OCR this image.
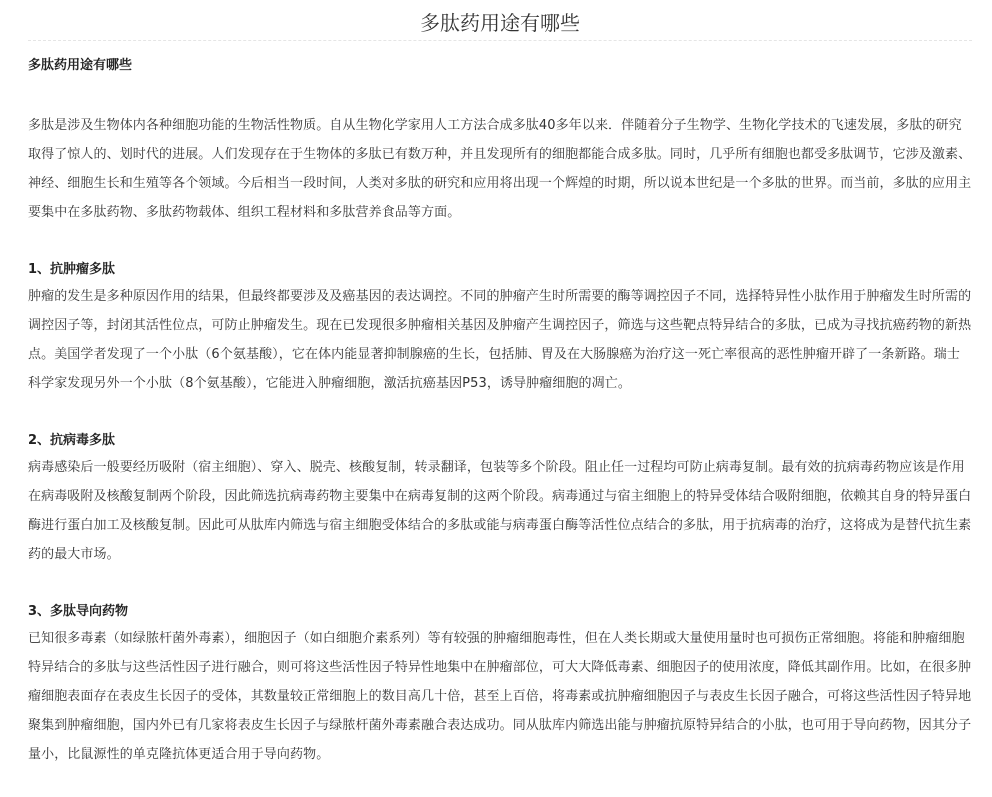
多肽药用途有哪些
多肽药用途有哪些

多肽是涉及生物体内各种细胞功能的生物活性物质。自从生物化学家用人工方法合成多肽40多年以来．伴随着分子生物学、生物化学技术的飞速发展，多肽的研究取得了惊人的、划时代的进展。人们发现存在于生物体的多肽已有数万种，并且发现所有的细胞都能合成多肽。同时，几乎所有细胞也都受多肽调节，它涉及激素、神经、细胞生长和生殖等各个领域。今后相当一段时间，人类对多肽的研究和应用将出现一个辉煌的时期，所以说本世纪是一个多肽的世界。而当前，多肽的应用主要集中在多肽药物、多肽药物载体、组织工程材料和多肽营养食品等方面。

1、抗肿瘤多肽

肿瘤的发生是多种原因作用的结果，但最终都要涉及及癌基因的表达调控。不同的肿瘤产生时所需要的酶等调控因子不同，选择特异性小肽作用于肿瘤发生时所需的调控因子等，封闭其活性位点，可防止肿瘤发生。现在已发现很多肿瘤相关基因及肿瘤产生调控因子，筛选与这些靶点特异结合的多肽，已成为寻找抗癌药物的新热点。美国学者发现了一个小肽（6个氨基酸），它在体内能显著抑制腺癌的生长，包括肺、胃及在大肠腺癌为治疗这一死亡率很高的恶性肿瘤开辟了一条新路。瑞士科学家发现另外一个小肽（8个氨基酸），它能进入肿瘤细胞，激活抗癌基因P53，诱导肿瘤细胞的凋亡。

2、抗病毒多肽

病毒感染后一般要经历吸附（宿主细胞）、穿入、脱壳、核酸复制，转录翻译，包装等多个阶段。阻止任一过程均可防止病毒复制。最有效的抗病毒药物应该是作用在病毒吸附及核酸复制两个阶段，因此筛选抗病毒药物主要集中在病毒复制的这两个阶段。病毒通过与宿主细胞上的特异受体结合吸附细胞，依赖其自身的特异蛋白酶进行蛋白加工及核酸复制。因此可从肽库内筛选与宿主细胞受体结合的多肽或能与病毒蛋白酶等活性位点结合的多肽，用于抗病毒的治疗，这将成为是替代抗生素药的最大市场。

3、多肽导向药物

已知很多毒素（如绿脓杆菌外毒素），细胞因子（如白细胞介素系列）等有较强的肿瘤细胞毒性，但在人类长期或大量使用量时也可损伤正常细胞。将能和肿瘤细胞特异结合的多肽与这些活性因子进行融合，则可将这些活性因子特异性地集中在肿瘤部位，可大大降低毒素、细胞因子的使用浓度，降低其副作用。比如，在很多肿瘤细胞表面存在表皮生长因子的受体，其数量较正常细胞上的数目高几十倍，甚至上百倍，将毒素或抗肿瘤细胞因子与表皮生长因子融合，可将这些活性因子特异地聚集到肿瘤细胞，国内外已有几家将表皮生长因子与绿脓杆菌外毒素融合表达成功。同从肽库内筛选出能与肿瘤抗原特异结合的小肽，也可用于导向药物，因其分子量小，比鼠源性的单克隆抗体更适合用于导向药物。
